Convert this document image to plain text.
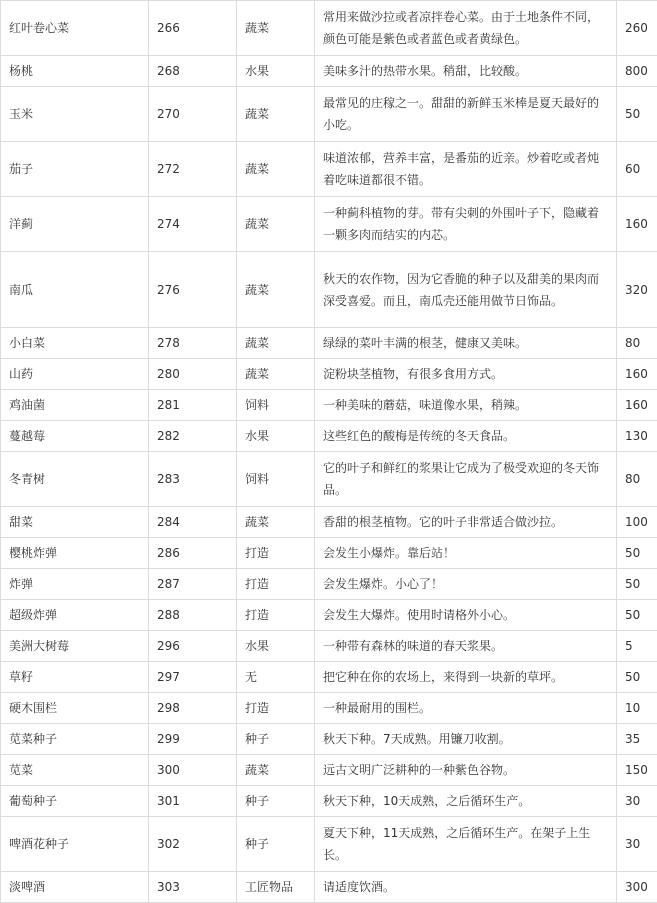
红叶卷心菜	266	蔬菜	常用来做沙拉或者凉拌卷心菜。由于土地条件不同，颜色可能是紫色或者蓝色或者黄绿色。	260
杨桃	268	水果	美味多汁的热带水果。稍甜，比较酸。	800
玉米	270	蔬菜	最常见的庄稼之一。甜甜的新鲜玉米棒是夏天最好的小吃。	50
茄子	272	蔬菜	味道浓郁，营养丰富，是番茄的近亲。炒着吃或者炖着吃味道都很不错。	60
洋蓟	274	蔬菜	一种蓟科植物的芽。带有尖刺的外围叶子下，隐藏着一颗多肉而结实的内芯。	160
南瓜	276	蔬菜	秋天的农作物，因为它香脆的种子以及甜美的果肉而深受喜爱。而且，南瓜壳还能用做节日饰品。	320
小白菜	278	蔬菜	绿绿的菜叶丰满的根茎，健康又美味。	80
山药	280	蔬菜	淀粉块茎植物，有很多食用方式。	160
鸡油菌	281	饲料	一种美味的蘑菇，味道像水果，稍辣。	160
蔓越莓	282	水果	这些红色的酸梅是传统的冬天食品。	130
冬青树	283	饲料	它的叶子和鲜红的浆果让它成为了极受欢迎的冬天饰品。	80
甜菜	284	蔬菜	香甜的根茎植物。它的叶子非常适合做沙拉。	100
樱桃炸弹	286	打造	会发生小爆炸。靠后站！	50
炸弹	287	打造	会发生爆炸。小心了！	50
超级炸弹	288	打造	会发生大爆炸。使用时请格外小心。	50
美洲大树莓	296	水果	一种带有森林的味道的春天浆果。	5
草籽	297	无	把它种在你的农场上，来得到一块新的草坪。	50
硬木围栏	298	打造	一种最耐用的围栏。	10
苋菜种子	299	种子	秋天下种。7天成熟。用镰刀收割。	35
苋菜	300	蔬菜	远古文明广泛耕种的一种紫色谷物。	150
葡萄种子	301	种子	秋天下种，10天成熟，之后循环生产。	30
啤酒花种子	302	种子	夏天下种，11天成熟，之后循环生产。在架子上生长。	30
淡啤酒	303	工匠物品	请适度饮酒。	300
